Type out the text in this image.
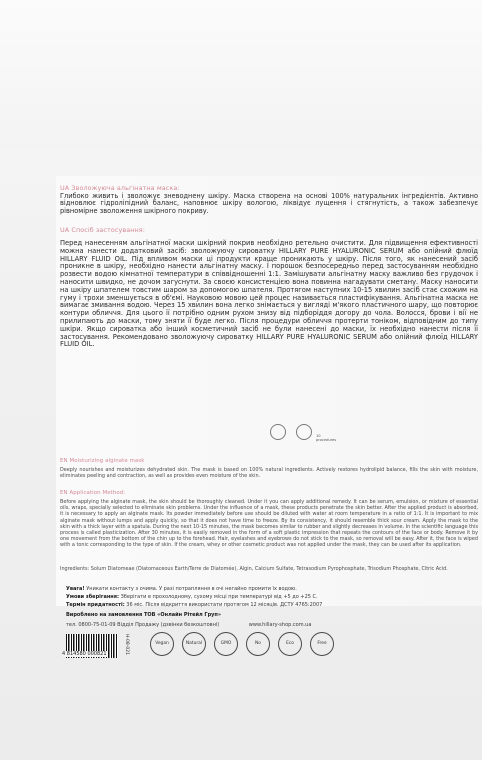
UA Зволожуюча альгінатна маска:
Глибоко живить і зволожує зневоднену шкіру. Маска створена на основі 100% натуральних інгредієнтів. Активно відновлює гідроліпідний баланс, наповнює шкіру вологою, ліквідує лущення і стягнутість, а також забезпечує рівномірне зволоження шкірного покриву.
UA Спосіб застосування:
Перед нанесенням альгінатної маски шкірний покрив необхідно ретельно очистити. Для підвищення ефективності можна нанести додатковий засіб: зволожуючу сироватку HILLARY PURE HYALURONIC SERUM або олійний флюїд HILLARY FLUID OIL. Під впливом маски ці продукти краще проникають у шкіру. Після того, як нанесений засіб проникне в шкіру, необхідно нанести альгінатну маску. Ї порошок безпосередньо перед застосуванням необхідно розвести водою кімнатної температури в співвідношенні 1:1. Замішувати альгінатну маску важливо без грудочок і наносити швидко, не дочом загуснути. За своєю консистенцією вона повинна нагадувати сметану. Маску наносити на шкіру шпателем товстим шаром за допомогою шпателя. Протягом наступних 10-15 хвилин засіб стає схожим на гуму і трохи зменшується в об'ємі. Науковою мовою цей процес називається пластифікування. Альгінатна маска не вимагає змивання водою. Через 15 хвилин вона легко знімається у вигляді м'якого пластичного шару, що повторює контури обличчя. Для цього її потрібно одним рухом знизу від підборіддя догору до чола. Волосся, брови і вії не прилипають до маски, тому зняти її буде легко. Після процедури обличчя протерти тоніком, відповідним до типу шкіри. Якщо сироватка або інший косметичний засіб не були нанесені до маски, їх необхідно нанести після її застосування. Рекомендовано зволожуючу сироватку HILLARY PURE HYALURONIC SERUM або олійний флюїд HILLARY FLUID OIL.
10 procedures
EN Moisturizing alginate mask
Deeply nourishes and moisturizes dehydrated skin. The mask is based on 100% natural ingredients. Actively restores hydrolipid balance, fills the skin with moisture, eliminates peeling and contraction, as well as provides even moisture of the skin.
EN Application Method:
Before applying the alginate mask, the skin should be thoroughly cleaned. Under it you can apply additional remedy. It can be serum, emulsion, or mixture of essential oils, wraps, specially selected to eliminate skin problems. Under the influence of a mask, these products penetrate the skin better. After the applied product is absorbed, it is necessary to apply an alginate mask. Its powder immediately before use should be diluted with water at room temperature in a ratio of 1:1. It is important to mix alginate mask without lumps and apply quickly, so that it does not have time to freeze. By its consistency, it should resemble thick sour cream. Apply the mask to the skin with a thick layer with a spatula. During the next 10-15 minutes, the mask becomes similar to rubber and slightly decreases in volume. In the scientific language this process is called plasticization. After 30 minutes, it is easily removed in the form of a soft plastic impression that repeats the contours of the face or body. Remove it by one movement from the bottom of the chin up to the forehead. Hair, eyelashes and eyebrows do not stick to the mask, so removal will be easy. After it, the face is wiped with a tonic corresponding to the type of skin. If the cream, whey or other cosmetic product was not applied under the mask, they can be used after its application.
Ingredients: Solum Diatomeae (Diatomaceous Earth/Terre de Diatomée), Algin, Calcium Sulfate, Tetrasodium Pyrophosphate, Trisodium Phosphate, Citric Acid.
Увага! Уникати контакту з очима. У разі потрапляння в очі негайно промити їх водою.
Умови зберігання: Зберігати в прохолодному, сухому місці при температурі від +5 до +25 С.
Термін придатності: 36 міс. Після відкриття використати протягом 12 місяців. ДСТУ 4765:2007
Виробленo на замовлення ТОВ «Онлайн Рітейл Груп»
тел. 0800-75-01-09 Відділ Продажу (дзвінки безкоштовні)	www.hillary-shop.com.ua
4 814580 000821	H-08-021	Vegan	Natural	GMO	No	Eco	Free
